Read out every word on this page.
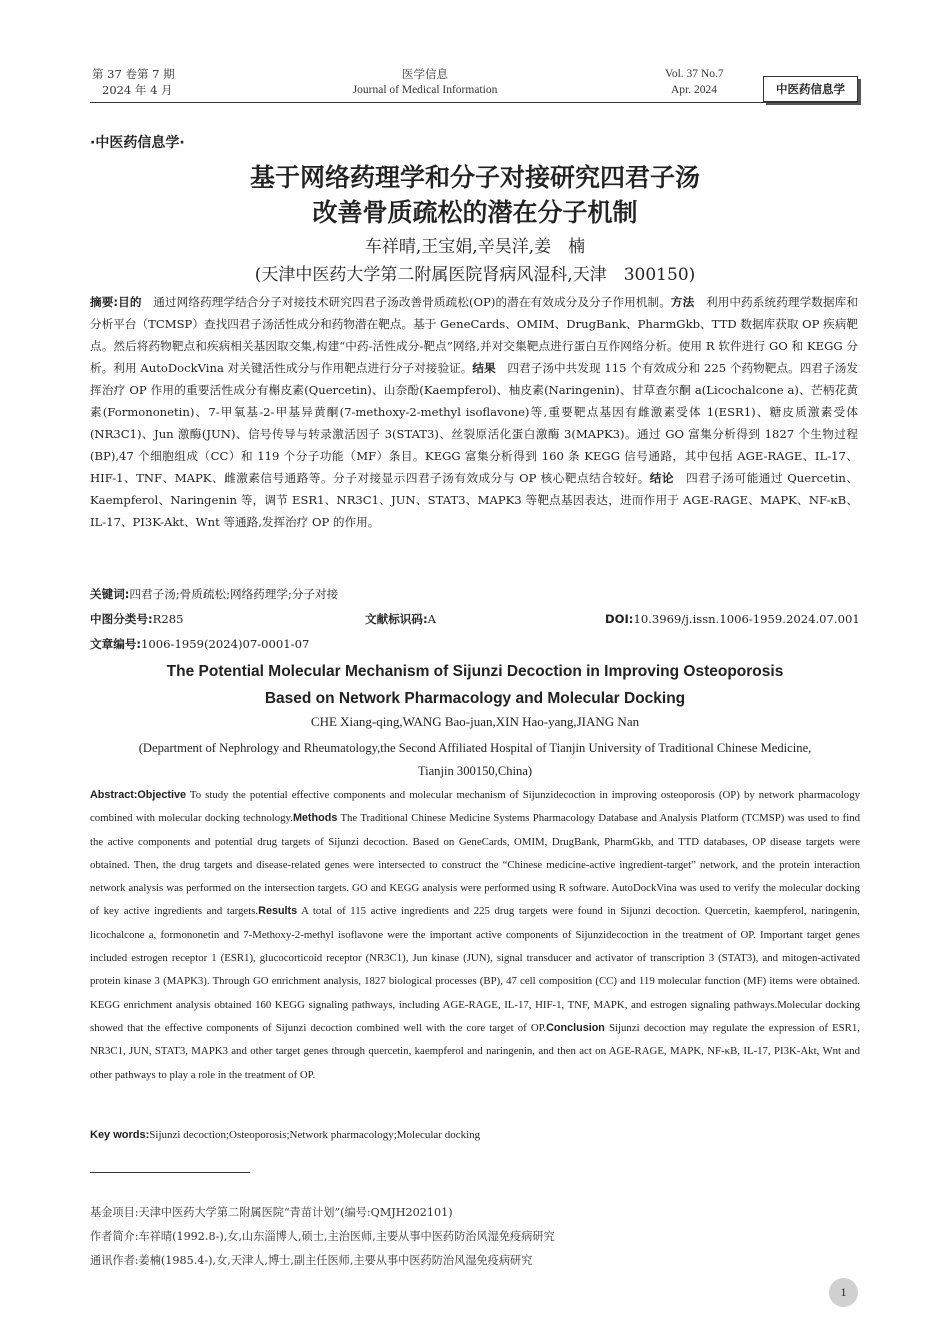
第 37 卷第 7 期
2024 年 4 月
医学信息
Journal of Medical Information
Vol. 37 No.7
Apr. 2024	中医药信息学
·中医药信息学·
基于网络药理学和分子对接研究四君子汤
改善骨质疏松的潜在分子机制
车祥晴,王宝娟,辛昊洋,姜　楠
(天津中医药大学第二附属医院肾病风湿科,天津　300150)
摘要:目的　通过网络药理学结合分子对接技术研究四君子汤改善骨质疏松(OP)的潜在有效成分及分子作用机制。方法　利用中药系统药理学数据库和分析平台（TCMSP）查找四君子汤活性成分和药物潜在靶点。基于 GeneCards、OMIM、DrugBank、PharmGkb、TTD 数据库获取 OP 疾病靶点。然后将药物靶点和疾病相关基因取交集,构建“中药-活性成分-靶点”网络,并对交集靶点进行蛋白互作网络分析。使用 R 软件进行 GO 和 KEGG 分析。利用 AutoDockVina 对关键活性成分与作用靶点进行分子对接验证。结果　四君子汤中共发现 115 个有效成分和 225 个药物靶点。四君子汤发挥治疗 OP 作用的重要活性成分有槲皮素(Quercetin)、山奈酚(Kaempferol)、柚皮素(Naringenin)、甘草查尔酮 a(Licochalcone a)、芒柄花黄素(Formononetin)、7-甲氧基-2-甲基异黄酮(7-methoxy-2-methyl isoflavone)等,重要靶点基因有雌激素受体 1(ESR1)、糖皮质激素受体(NR3C1)、Jun 激酶(JUN)、信号传导与转录激活因子 3(STAT3)、丝裂原活化蛋白激酶 3(MAPK3)。通过 GO 富集分析得到 1827 个生物过程(BP),47 个细胞组成（CC）和 119 个分子功能（MF）条目。KEGG 富集分析得到 160 条 KEGG 信号通路，其中包括 AGE-RAGE、IL-17、HIF-1、TNF、MAPK、雌激素信号通路等。分子对接显示四君子汤有效成分与 OP 核心靶点结合较好。结论　四君子汤可能通过 Quercetin、Kaempferol、Naringenin 等，调节 ESR1、NR3C1、JUN、STAT3、MAPK3 等靶点基因表达，进而作用于 AGE-RAGE、MAPK、NF-κB、IL-17、PI3K-Akt、Wnt 等通路,发挥治疗 OP 的作用。
关键词:四君子汤;骨质疏松;网络药理学;分子对接
中图分类号:R285	文献标识码:A	DOI:10.3969/j.issn.1006-1959.2024.07.001
文章编号:1006-1959(2024)07-0001-07
The Potential Molecular Mechanism of Sijunzi Decoction in Improving Osteoporosis
Based on Network Pharmacology and Molecular Docking
CHE Xiang-qing,WANG Bao-juan,XIN Hao-yang,JIANG Nan
(Department of Nephrology and Rheumatology,the Second Affiliated Hospital of Tianjin University of Traditional Chinese Medicine,
Tianjin 300150,China)
Abstract:Objective To study the potential effective components and molecular mechanism of Sijunzidecoction in improving osteoporosis (OP) by network pharmacology combined with molecular docking technology.Methods The Traditional Chinese Medicine Systems Pharmacology Database and Analysis Platform (TCMSP) was used to find the active components and potential drug targets of Sijunzi decoction. Based on GeneCards, OMIM, DrugBank, PharmGkb, and TTD databases, OP disease targets were obtained. Then, the drug targets and disease-related genes were intersected to construct the “Chinese medicine-active ingredient-target” network, and the protein interaction network analysis was performed on the intersection targets. GO and KEGG analysis were performed using R software. AutoDockVina was used to verify the molecular docking of key active ingredients and targets.Results A total of 115 active ingredients and 225 drug targets were found in Sijunzi decoction. Quercetin, kaempferol, naringenin, licochalcone a, formononetin and 7-Methoxy-2-methyl isoflavone were the important active components of Sijunzidecoction in the treatment of OP. Important target genes included estrogen receptor 1 (ESR1), glucocorticoid receptor (NR3C1), Jun kinase (JUN), signal transducer and activator of transcription 3 (STAT3), and mitogen-activated protein kinase 3 (MAPK3). Through GO enrichment analysis, 1827 biological processes (BP), 47 cell composition (CC) and 119 molecular function (MF) items were obtained. KEGG enrichment analysis obtained 160 KEGG signaling pathways, including AGE-RAGE, IL-17, HIF-1, TNF, MAPK, and estrogen signaling pathways.Molecular docking showed that the effective components of Sijunzi decoction combined well with the core target of OP.Conclusion Sijunzi decoction may regulate the expression of ESR1, NR3C1, JUN, STAT3, MAPK3 and other target genes through quercetin, kaempferol and naringenin, and then act on AGE-RAGE, MAPK, NF-κB, IL-17, PI3K-Akt, Wnt and other pathways to play a role in the treatment of OP.
Key words:Sijunzi decoction;Osteoporosis;Network pharmacology;Molecular docking
基金项目:天津中医药大学第二附属医院“青苗计划”(编号:QMJH202101)
作者简介:车祥晴(1992.8-),女,山东淄博人,硕士,主治医师,主要从事中医药防治风湿免疫病研究
通讯作者:姜楠(1985.4-),女,天津人,博士,副主任医师,主要从事中医药防治风湿免疫病研究
1
